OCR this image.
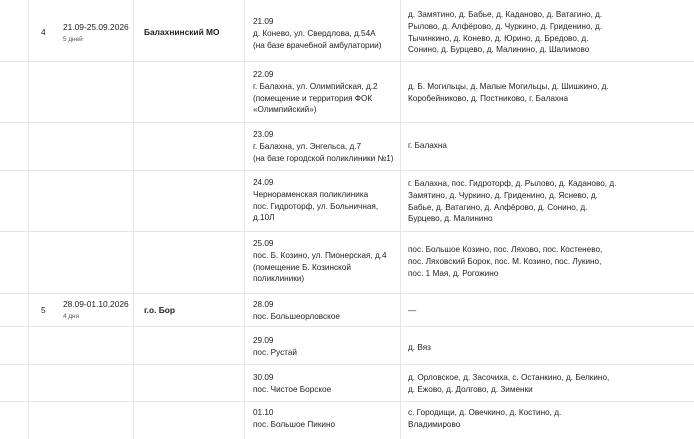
4 21.09-25.09.2026
5 дней
Балахнинский МО
21.09
д. Конево, ул. Свердлова, д.54А
(на базе врачебной амбулатории)
д. Замятино, д. Бабье, д. Каданово, д. Ватагино, д.
Рылово, д. Алфёрово, д. Чуркино, д. Гриденино, д.
Тычинкино, д. Конево, д. Юрино, д. Бредово, д.
Сонино, д. Бурцево, д. Малинино, д. Шалимово
22.09
г. Балахна, ул. Олимпийская, д.2
(помещение и территория ФОК
«Олимпийский»)
д. Б. Могильцы, д. Малые Могильцы, д. Шишкино, д.
Коробейниково, д. Постниково, г. Балахна
23.09
г. Балахна, ул. Энгельса, д.7
(на базе городской поликлиники №1)
г. Балахна
24.09
Чернораменская поликлиника
пос. Гидроторф, ул. Больничная,
д.10Л
г. Балахна, пос. Гидроторф, д. Рылово, д. Каданово, д.
Замятино, д. Чуркино, д. Гриденино, д. Яснево, д.
Бабье, д. Ватагино, д. Алфёрово, д. Сонино, д.
Бурцево, д. Малинино
25.09
пос. Б. Козино, ул. Пионерская, д.4
(помещение Б. Козинской
поликлиники)
пос. Большое Козино, пос. Ляхово, пос. Костенево,
пос. Ляховский Борок, пос. М. Козино, пос. Лукино,
пос. 1 Мая, д. Рогожино
5
28.09-01.10.2026
4 дня
г.о. Бор
28.09
пос. Большеорловское
—
29.09
пос. Рустай
д. Вяз
30.09
пос. Чистое Борское
д. Орловское, д. Засочиха, с. Останкино, д. Белкино,
д. Ежово, д. Долгово, д. Зименки
01.10
пос. Большое Пикино
с. Городищи, д. Овечкино, д. Костино, д.
Владимирово
